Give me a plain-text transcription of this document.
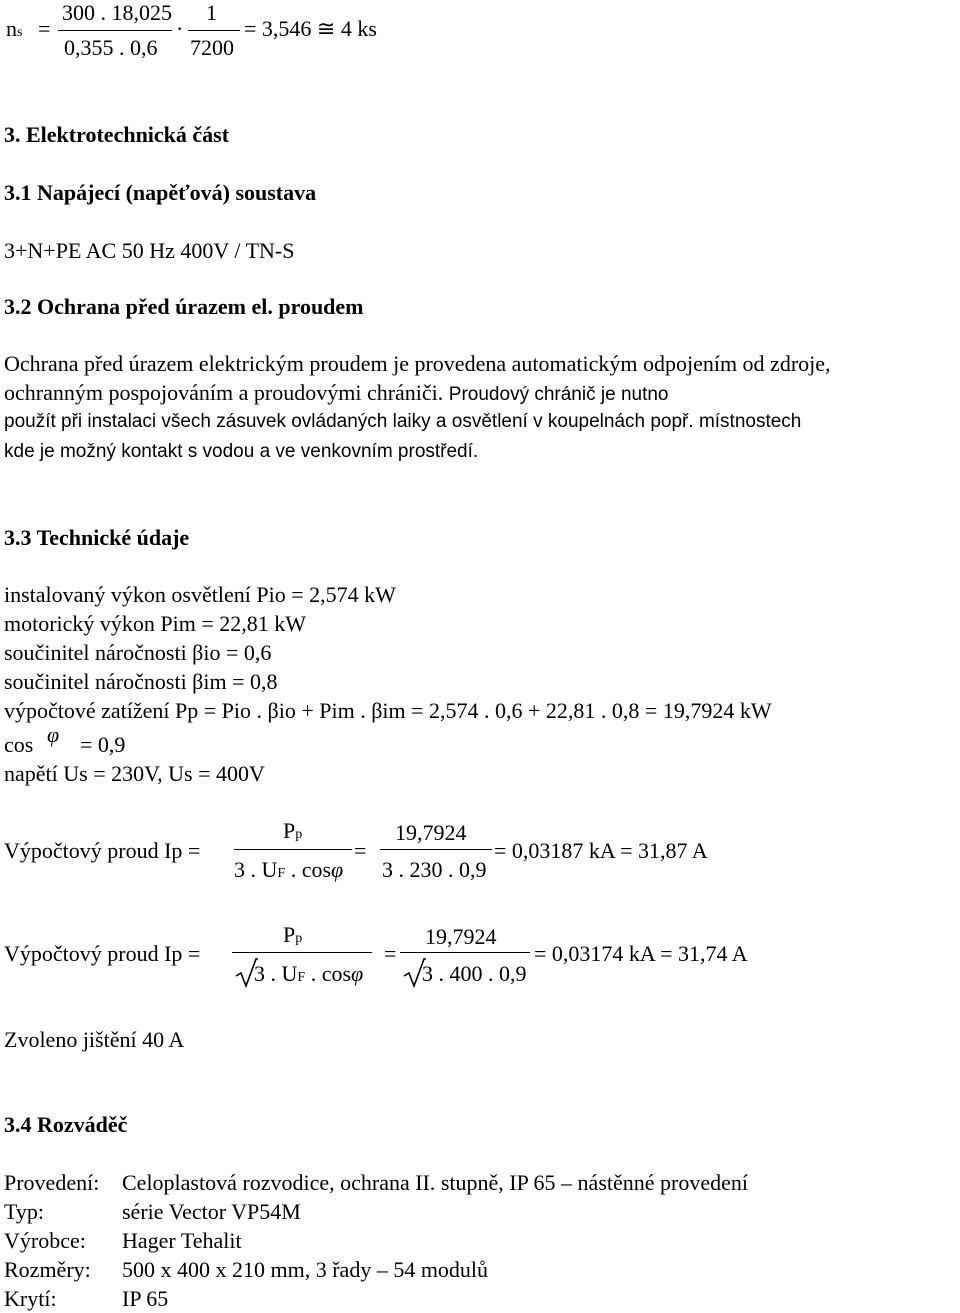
ns =
300 . 18,025
0,355 . 0,6
·
1
7200
= 3,546 ≅ 4 ks
3. Elektrotechnická část
3.1 Napájecí (napěťová) soustava
3+N+PE AC 50 Hz 400V / TN-S
3.2 Ochrana před úrazem el. proudem
Ochrana před úrazem elektrickým proudem je provedena automatickým odpojením od zdroje,
ochranným pospojováním a proudovými chrániči. Proudový chránič je nutno
použít při instalaci všech zásuvek ovládaných laiky a osvětlení v koupelnách popř. místnostech
kde je možný kontakt s vodou a ve venkovním prostředí.
3.3 Technické údaje
instalovaný výkon osvětlení Pio = 2,574 kW
motorický výkon Pim = 22,81 kW
součinitel náročnosti βio = 0,6
součinitel náročnosti βim = 0,8
výpočtové zatížení Pp = Pio . βio + Pim . βim = 2,574 . 0,6 + 22,81 . 0,8 = 19,7924 kW
cos φ = 0,9
napětí Us = 230V, Us = 400V
Výpočtový proud Ip =
Pp
3 . UF . cosφ
=
19,7924
3 . 230 . 0,9
= 0,03187 kA = 31,87 A
Výpočtový proud Ip =
Pp
3 . UF . cosφ
=
19,7924
3 . 400 . 0,9
= 0,03174 kA = 31,74 A
Zvoleno jištění 40 A
3.4 Rozváděč
Provedení: Celoplastová rozvodice, ochrana II. stupně, IP 65 – nástěnné provedení
Typ:	série Vector VP54M
Výrobce: Hager Tehalit
Rozměry: 500 x 400 x 210 mm, 3 řady – 54 modulů
Krytí:	IP 65
